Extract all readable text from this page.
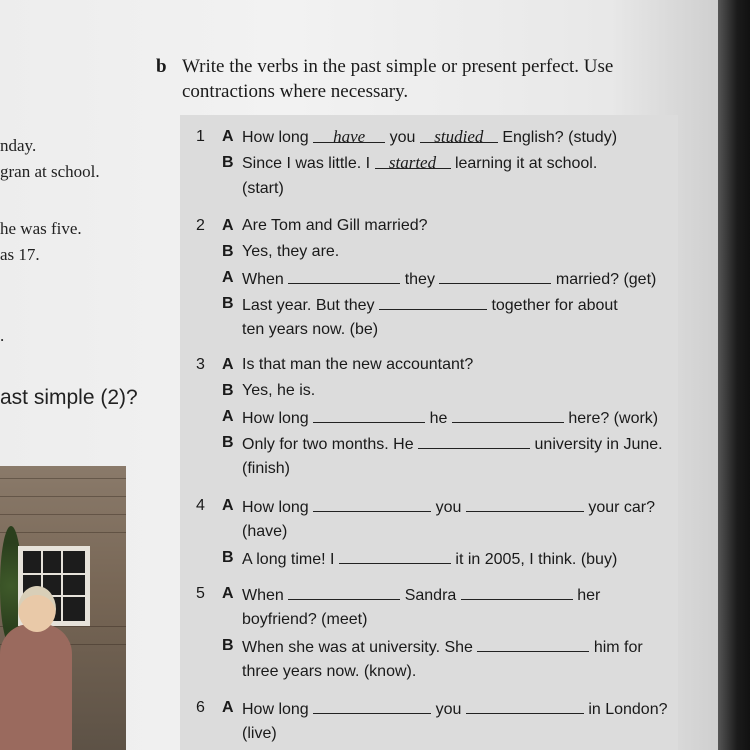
nday.
gran at school.
he was five.
as 17.
.
ast simple (2)?
b Write the verbs in the past simple or present perfect. Use
contractions where necessary.
1 A How long have you studied English? (study)
B Since I was little. I started learning it at school.
(start)
2 A Are Tom and Gill married?
B Yes, they are.
A When	they	married? (get)
B Last year. But they	together for about
ten years now. (be)
3 A Is that man the new accountant?
B Yes, he is.
A How long	he	here? (work)
B Only for two months. He	university in June.
(finish)
4 A How long	you	your car?
(have)
B A long time! I	it in 2005, I think. (buy)
5 A When	Sandra	her
boyfriend? (meet)
B When she was at university. She	him for
three years now. (know).
6 A How long	you	in London?
(live)
